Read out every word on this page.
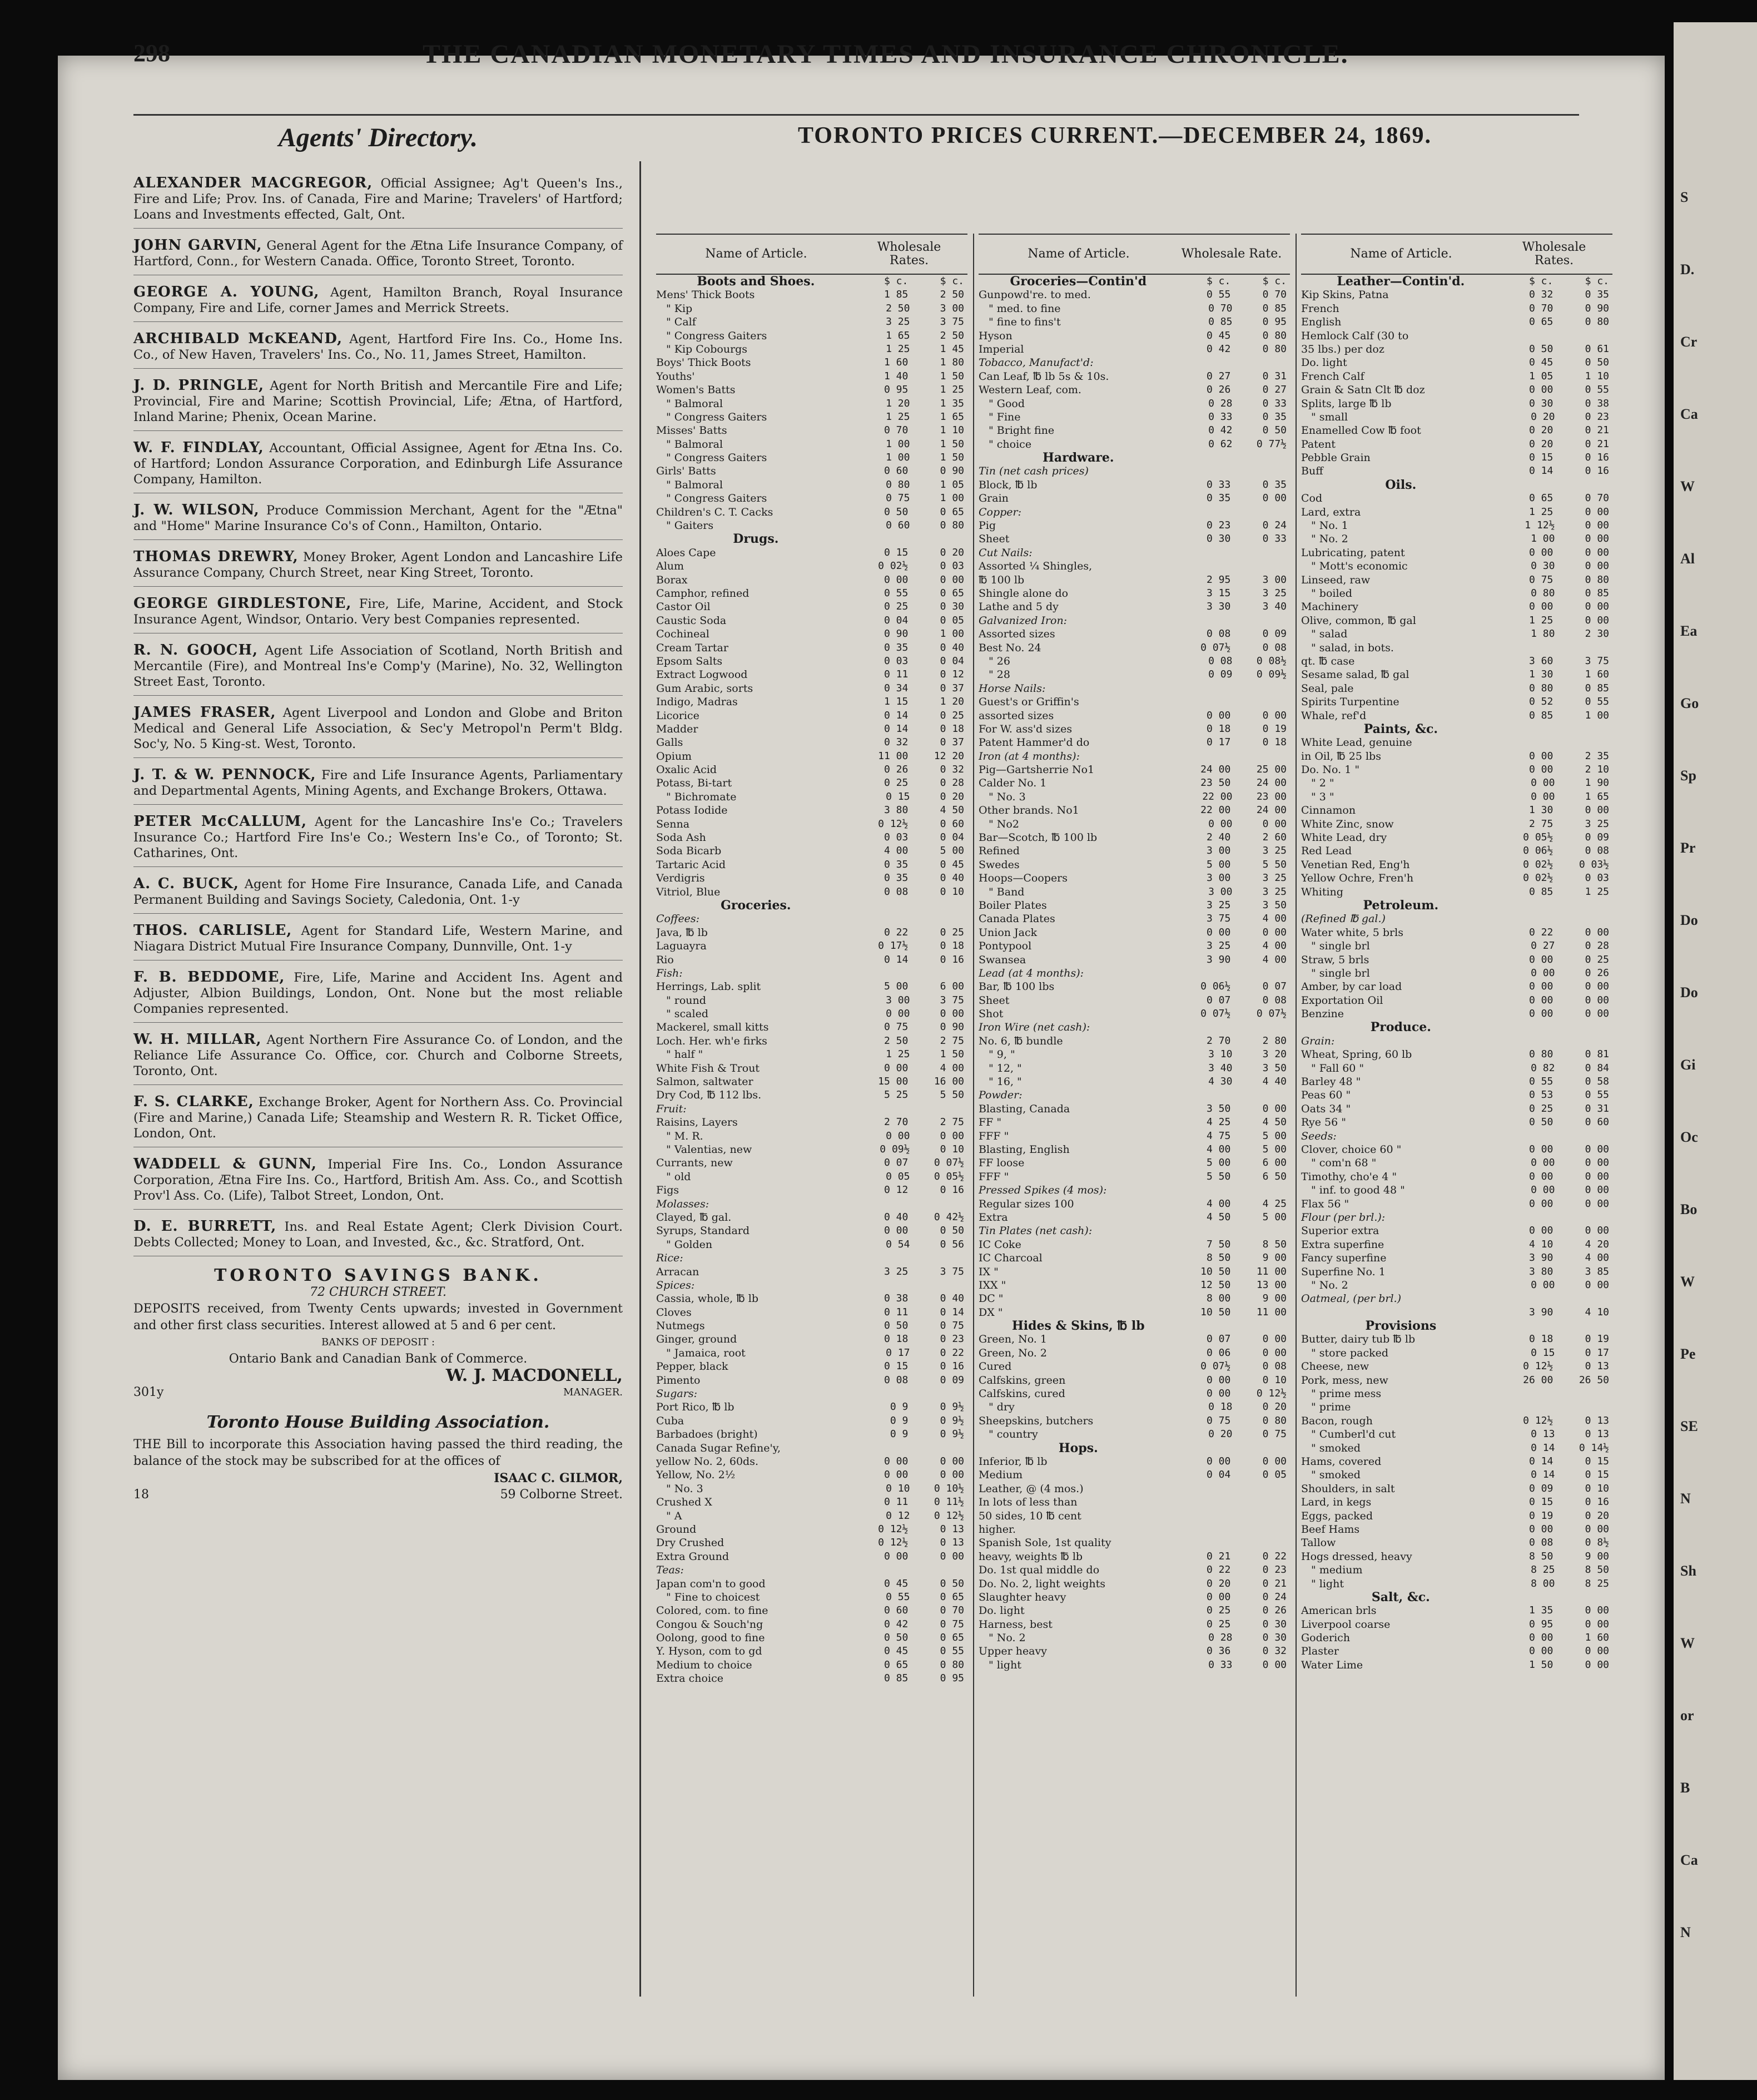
S
D.
Cr
Ca
W
Al
Ea
Go
Sp
Pr
Do
Do
Gi
Oc
Bo
W
Pe
SE
N
Sh
W
or
B
Ca
N
298	THE CANADIAN MONETARY TIMES AND INSURANCE CHRONICLE.
Agents' Directory.
ALEXANDER MACGREGOR, Official Assignee; Ag't Queen's Ins., Fire and Life; Prov. Ins. of Canada, Fire and Marine; Travelers' of Hartford; Loans and Investments effected, Galt, Ont.
JOHN GARVIN, General Agent for the Ætna Life Insurance Company, of Hartford, Conn., for Western Canada. Office, Toronto Street, Toronto.
GEORGE A. YOUNG, Agent, Hamilton Branch, Royal Insurance Company, Fire and Life, corner James and Merrick Streets.
ARCHIBALD McKEAND, Agent, Hartford Fire Ins. Co., Home Ins. Co., of New Haven, Travelers' Ins. Co., No. 11, James Street, Hamilton.
J. D. PRINGLE, Agent for North British and Mercantile Fire and Life; Provincial, Fire and Marine; Scottish Provincial, Life; Ætna, of Hartford, Inland Marine; Phenix, Ocean Marine.
W. F. FINDLAY, Accountant, Official Assignee, Agent for Ætna Ins. Co. of Hartford; London Assurance Corporation, and Edinburgh Life Assurance Company, Hamilton.
J. W. WILSON, Produce Commission Merchant, Agent for the "Ætna" and "Home" Marine Insurance Co's of Conn., Hamilton, Ontario.
THOMAS DREWRY, Money Broker, Agent London and Lancashire Life Assurance Company, Church Street, near King Street, Toronto.
GEORGE GIRDLESTONE, Fire, Life, Marine, Accident, and Stock Insurance Agent, Windsor, Ontario. Very best Companies represented.
R. N. GOOCH, Agent Life Association of Scotland, North British and Mercantile (Fire), and Montreal Ins'e Comp'y (Marine), No. 32, Wellington Street East, Toronto.
JAMES FRASER, Agent Liverpool and London and Globe and Briton Medical and General Life Association, & Sec'y Metropol'n Perm't Bldg. Soc'y, No. 5 King-st. West, Toronto.
J. T. & W. PENNOCK, Fire and Life Insurance Agents, Parliamentary and Departmental Agents, Mining Agents, and Exchange Brokers, Ottawa.
PETER McCALLUM, Agent for the Lancashire Ins'e Co.; Travelers Insurance Co.; Hartford Fire Ins'e Co.; Western Ins'e Co., of Toronto; St. Catharines, Ont.
A. C. BUCK, Agent for Home Fire Insurance, Canada Life, and Canada Permanent Building and Savings Society, Caledonia, Ont. 1-y
THOS. CARLISLE, Agent for Standard Life, Western Marine, and Niagara District Mutual Fire Insurance Company, Dunnville, Ont. 1-y
F. B. BEDDOME, Fire, Life, Marine and Accident Ins. Agent and Adjuster, Albion Buildings, London, Ont. None but the most reliable Companies represented.
W. H. MILLAR, Agent Northern Fire Assurance Co. of London, and the Reliance Life Assurance Co. Office, cor. Church and Colborne Streets, Toronto, Ont.
F. S. CLARKE, Exchange Broker, Agent for Northern Ass. Co. Provincial (Fire and Marine,) Canada Life; Steamship and Western R. R. Ticket Office, London, Ont.
WADDELL & GUNN, Imperial Fire Ins. Co., London Assurance Corporation, Ætna Fire Ins. Co., Hartford, British Am. Ass. Co., and Scottish Prov'l Ass. Co. (Life), Talbot Street, London, Ont.
D. E. BURRETT, Ins. and Real Estate Agent; Clerk Division Court. Debts Collected; Money to Loan, and Invested, &c., &c. Stratford, Ont.
TORONTO SAVINGS BANK.
72 CHURCH STREET.
DEPOSITS received, from Twenty Cents upwards; invested in Government and other first class securities. Interest allowed at 5 and 6 per cent.
BANKS OF DEPOSIT :
Ontario Bank and Canadian Bank of Commerce.
W. J. MACDONELL,
301y	MANAGER.
Toronto House Building Association.
THE Bill to incorporate this Association having passed the third reading, the balance of the stock may be subscribed for at the offices of
ISAAC C. GILMOR,
18	59 Colborne Street.
TORONTO PRICES CURRENT.—DECEMBER 24, 1869.
Name of Article.	Wholesale Rates.
Boots and Shoes.	$ c.	$ c.
Mens' Thick Boots	1 85	2 50
" Kip	2 50	3 00
" Calf	3 25	3 75
" Congress Gaiters	1 65	2 50
" Kip Cobourgs	1 25	1 45
Boys' Thick Boots	1 60	1 80
Youths'	1 40	1 50
Women's Batts	0 95	1 25
" Balmoral	1 20	1 35
" Congress Gaiters	1 25	1 65
Misses' Batts	0 70	1 10
" Balmoral	1 00	1 50
" Congress Gaiters	1 00	1 50
Girls' Batts	0 60	0 90
" Balmoral	0 80	1 05
" Congress Gaiters	0 75	1 00
Children's C. T. Cacks	0 50	0 65
" Gaiters	0 60	0 80
Drugs.
Aloes Cape	0 15	0 20
Alum	0 02½	0 03
Borax	0 00	0 00
Camphor, refined	0 55	0 65
Castor Oil	0 25	0 30
Caustic Soda	0 04	0 05
Cochineal	0 90	1 00
Cream Tartar	0 35	0 40
Epsom Salts	0 03	0 04
Extract Logwood	0 11	0 12
Gum Arabic, sorts	0 34	0 37
Indigo, Madras	1 15	1 20
Licorice	0 14	0 25
Madder	0 14	0 18
Galls	0 32	0 37
Opium	11 00	12 20
Oxalic Acid	0 26	0 32
Potass, Bi-tart	0 25	0 28
" Bichromate	0 15	0 20
Potass Iodide	3 80	4 50
Senna	0 12½	0 60
Soda Ash	0 03	0 04
Soda Bicarb	4 00	5 00
Tartaric Acid	0 35	0 45
Verdigris	0 35	0 40
Vitriol, Blue	0 08	0 10
Groceries.
Coffees:
Java, ℔ lb	0 22	0 25
Laguayra	0 17½	0 18
Rio	0 14	0 16
Fish:
Herrings, Lab. split	5 00	6 00
" round	3 00	3 75
" scaled	0 00	0 00
Mackerel, small kitts	0 75	0 90
Loch. Her. wh'e firks	2 50	2 75
" half "	1 25	1 50
White Fish & Trout	0 00	4 00
Salmon, saltwater	15 00	16 00
Dry Cod, ℔ 112 lbs.	5 25	5 50
Fruit:
Raisins, Layers	2 70	2 75
" M. R.	0 00	0 00
" Valentias, new	0 09½	0 10
Currants, new	0 07	0 07½
" old	0 05	0 05½
Figs	0 12	0 16
Molasses:
Clayed, ℔ gal.	0 40	0 42½
Syrups, Standard	0 00	0 50
" Golden	0 54	0 56
Rice:
Arracan	3 25	3 75
Spices:
Cassia, whole, ℔ lb	0 38	0 40
Cloves	0 11	0 14
Nutmegs	0 50	0 75
Ginger, ground	0 18	0 23
" Jamaica, root	0 17	0 22
Pepper, black	0 15	0 16
Pimento	0 08	0 09
Sugars:
Port Rico, ℔ lb	0 9	0 9½
Cuba	0 9	0 9½
Barbadoes (bright)	0 9	0 9½
Canada Sugar Refine'y,
yellow No. 2, 60ds.	0 00	0 00
Yellow, No. 2½	0 00	0 00
" No. 3	0 10	0 10½
Crushed X	0 11	0 11½
" A	0 12	0 12½
Ground	0 12½	0 13
Dry Crushed	0 12½	0 13
Extra Ground	0 00	0 00
Teas:
Japan com'n to good	0 45	0 50
" Fine to choicest	0 55	0 65
Colored, com. to fine	0 60	0 70
Congou & Souch'ng	0 42	0 75
Oolong, good to fine	0 50	0 65
Y. Hyson, com to gd	0 45	0 55
Medium to choice	0 65	0 80
Extra choice	0 85	0 95
Name of Article.	Wholesale Rate.
Groceries—Contin'd	$ c.	$ c.
Gunpowd're. to med.	0 55	0 70
" med. to fine	0 70	0 85
" fine to fins't	0 85	0 95
Hyson	0 45	0 80
Imperial	0 42	0 80
Tobacco, Manufact'd:
Can Leaf, ℔ lb 5s & 10s.	0 27	0 31
Western Leaf, com.	0 26	0 27
" Good	0 28	0 33
" Fine	0 33	0 35
" Bright fine	0 42	0 50
" choice	0 62	0 77½
Hardware.
Tin (net cash prices)
Block, ℔ lb	0 33	0 35
Grain	0 35	0 00
Copper:
Pig	0 23	0 24
Sheet	0 30	0 33
Cut Nails:
Assorted ¼ Shingles,
℔ 100 lb	2 95	3 00
Shingle alone do	3 15	3 25
Lathe and 5 dy	3 30	3 40
Galvanized Iron:
Assorted sizes	0 08	0 09
Best No. 24	0 07½	0 08
" 26	0 08	0 08½
" 28	0 09	0 09½
Horse Nails:
Guest's or Griffin's
assorted sizes	0 00	0 00
For W. ass'd sizes	0 18	0 19
Patent Hammer'd do	0 17	0 18
Iron (at 4 months):
Pig—Gartsherrie No1	24 00	25 00
Calder No. 1	23 50	24 00
" No. 3	22 00	23 00
Other brands. No1	22 00	24 00
" No2	0 00	0 00
Bar—Scotch, ℔ 100 lb	2 40	2 60
Refined	3 00	3 25
Swedes	5 00	5 50
Hoops—Coopers	3 00	3 25
" Band	3 00	3 25
Boiler Plates	3 25	3 50
Canada Plates	3 75	4 00
Union Jack	0 00	0 00
Pontypool	3 25	4 00
Swansea	3 90	4 00
Lead (at 4 months):
Bar, ℔ 100 lbs	0 06½	0 07
Sheet	0 07	0 08
Shot	0 07½	0 07½
Iron Wire (net cash):
No. 6, ℔ bundle	2 70	2 80
" 9, "	3 10	3 20
" 12, "	3 40	3 50
" 16, "	4 30	4 40
Powder:
Blasting, Canada	3 50	0 00
FF "	4 25	4 50
FFF "	4 75	5 00
Blasting, English	4 00	5 00
FF loose	5 00	6 00
FFF "	5 50	6 50
Pressed Spikes (4 mos):
Regular sizes 100	4 00	4 25
Extra	4 50	5 00
Tin Plates (net cash):
IC Coke	7 50	8 50
IC Charcoal	8 50	9 00
IX "	10 50	11 00
IXX "	12 50	13 00
DC "	8 00	9 00
DX "	10 50	11 00
Hides & Skins, ℔ lb
Green, No. 1	0 07	0 00
Green, No. 2	0 06	0 00
Cured	0 07½	0 08
Calfskins, green	0 00	0 10
Calfskins, cured	0 00	0 12½
" dry	0 18	0 20
Sheepskins, butchers	0 75	0 80
" country	0 20	0 75
Hops.
Inferior, ℔ lb	0 00	0 00
Medium	0 04	0 05
Leather, @ (4 mos.)
In lots of less than
50 sides, 10 ℔ cent
higher.
Spanish Sole, 1st quality
heavy, weights ℔ lb	0 21	0 22
Do. 1st qual middle do	0 22	0 23
Do. No. 2, light weights	0 20	0 21
Slaughter heavy	0 00	0 24
Do. light	0 25	0 26
Harness, best	0 25	0 30
" No. 2	0 28	0 30
Upper heavy	0 36	0 32
" light	0 33	0 00
Name of Article.	Wholesale Rates.
Leather—Contin'd.	$ c.	$ c.
Kip Skins, Patna	0 32	0 35
French	0 70	0 90
English	0 65	0 80
Hemlock Calf (30 to
35 lbs.) per doz	0 50	0 61
Do. light	0 45	0 50
French Calf	1 05	1 10
Grain & Satn Clt ℔ doz	0 00	0 55
Splits, large ℔ lb	0 30	0 38
" small	0 20	0 23
Enamelled Cow ℔ foot	0 20	0 21
Patent	0 20	0 21
Pebble Grain	0 15	0 16
Buff	0 14	0 16
Oils.
Cod	0 65	0 70
Lard, extra	1 25	0 00
" No. 1	1 12½	0 00
" No. 2	1 00	0 00
Lubricating, patent	0 00	0 00
" Mott's economic	0 30	0 00
Linseed, raw	0 75	0 80
" boiled	0 80	0 85
Machinery	0 00	0 00
Olive, common, ℔ gal	1 25	0 00
" salad	1 80	2 30
" salad, in bots.
qt. ℔ case	3 60	3 75
Sesame salad, ℔ gal	1 30	1 60
Seal, pale	0 80	0 85
Spirits Turpentine	0 52	0 55
Whale, ref'd	0 85	1 00
Paints, &c.
White Lead, genuine
in Oil, ℔ 25 lbs	0 00	2 35
Do. No. 1 "	0 00	2 10
" 2 "	0 00	1 90
" 3 "	0 00	1 65
Cinnamon	1 30	0 00
White Zinc, snow	2 75	3 25
White Lead, dry	0 05½	0 09
Red Lead	0 06½	0 08
Venetian Red, Eng'h	0 02½	0 03½
Yellow Ochre, Fren'h	0 02½	0 03
Whiting	0 85	1 25
Petroleum.
(Refined ℔ gal.)
Water white, 5 brls	0 22	0 00
" single brl	0 27	0 28
Straw, 5 brls	0 00	0 25
" single brl	0 00	0 26
Amber, by car load	0 00	0 00
Exportation Oil	0 00	0 00
Benzine	0 00	0 00
Produce.
Grain:
Wheat, Spring, 60 lb	0 80	0 81
" Fall 60 "	0 82	0 84
Barley 48 "	0 55	0 58
Peas 60 "	0 53	0 55
Oats 34 "	0 25	0 31
Rye 56 "	0 50	0 60
Seeds:
Clover, choice 60 "	0 00	0 00
" com'n 68 "	0 00	0 00
Timothy, cho'e 4 "	0 00	0 00
" inf. to good 48 "	0 00	0 00
Flax 56 "	0 00	0 00
Flour (per brl.):
Superior extra	0 00	0 00
Extra superfine	4 10	4 20
Fancy superfine	3 90	4 00
Superfine No. 1	3 80	3 85
" No. 2	0 00	0 00
Oatmeal, (per brl.)
3 90	4 10
Provisions
Butter, dairy tub ℔ lb	0 18	0 19
" store packed	0 15	0 17
Cheese, new	0 12½	0 13
Pork, mess, new	26 00	26 50
" prime mess
" prime
Bacon, rough	0 12½	0 13
" Cumberl'd cut	0 13	0 13
" smoked	0 14	0 14½
Hams, covered	0 14	0 15
" smoked	0 14	0 15
Shoulders, in salt	0 09	0 10
Lard, in kegs	0 15	0 16
Eggs, packed	0 19	0 20
Beef Hams	0 00	0 00
Tallow	0 08	0 8½
Hogs dressed, heavy	8 50	9 00
" medium	8 25	8 50
" light	8 00	8 25
Salt, &c.
American brls	1 35	0 00
Liverpool coarse	0 95	0 00
Goderich	0 00	1 60
Plaster	0 00	0 00
Water Lime	1 50	0 00
